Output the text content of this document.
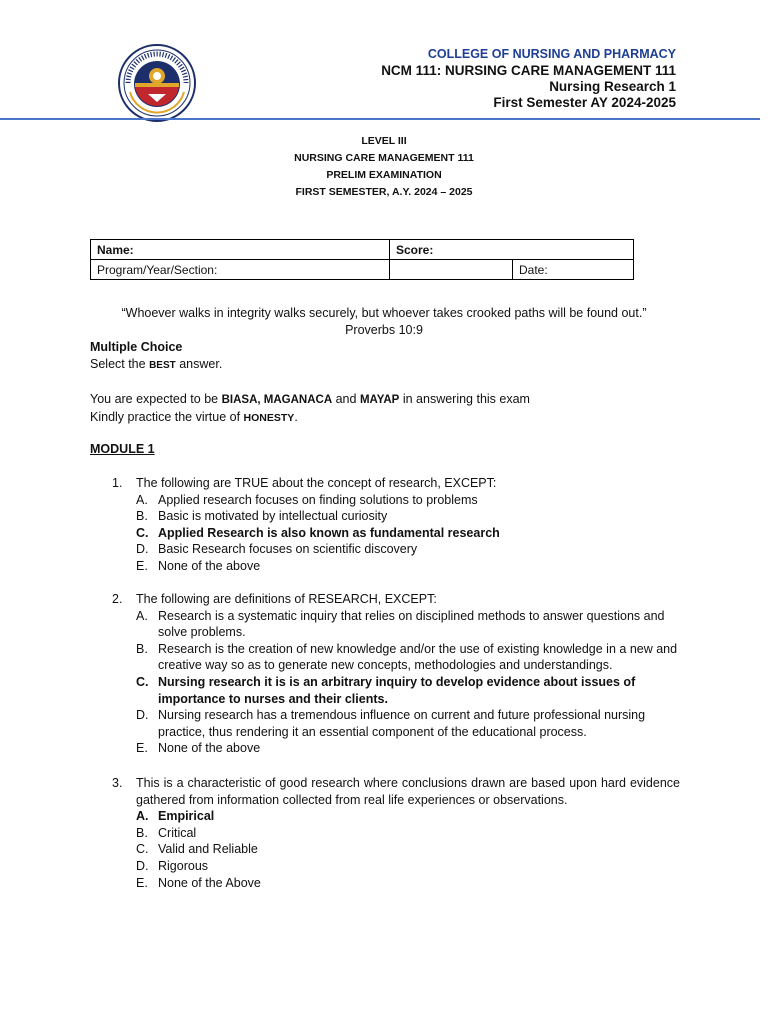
COLLEGE OF NURSING AND PHARMACY
NCM 111: NURSING CARE MANAGEMENT 111
Nursing Research 1
First Semester AY 2024-2025
LEVEL III
NURSING CARE MANAGEMENT 111
PRELIM EXAMINATION
FIRST SEMESTER, A.Y. 2024 – 2025
Name:	Score:	
Program/Year/Section:		Date:
“Whoever walks in integrity walks securely, but whoever takes crooked paths will be found out.”
Proverbs 10:9
Multiple Choice
Select the BEST answer.
You are expected to be BIASA, MAGANACA and MAYAP in answering this exam
Kindly practice the virtue of HONESTY.
MODULE 1
1.	The following are TRUE about the concept of research, EXCEPT:
A. Applied research focuses on finding solutions to problems
B. Basic is motivated by intellectual curiosity
C. Applied Research is also known as fundamental research
D. Basic Research focuses on scientific discovery
E. None of the above
2.	The following are definitions of RESEARCH, EXCEPT:
A. Research is a systematic inquiry that relies on disciplined methods to answer questions and solve problems.
B. Research is the creation of new knowledge and/or the use of existing knowledge in a new and creative way so as to generate new concepts, methodologies and understandings.
C. Nursing research it is is an arbitrary inquiry to develop evidence about issues of importance to nurses and their clients.
D. Nursing research has a tremendous influence on current and future professional nursing practice, thus rendering it an essential component of the educational process.
E. None of the above
3.	This is a characteristic of good research where conclusions drawn are based upon hard evidence gathered from information collected from real life experiences or observations.
A. Empirical
B. Critical
C. Valid and Reliable
D. Rigorous
E. None of the Above
